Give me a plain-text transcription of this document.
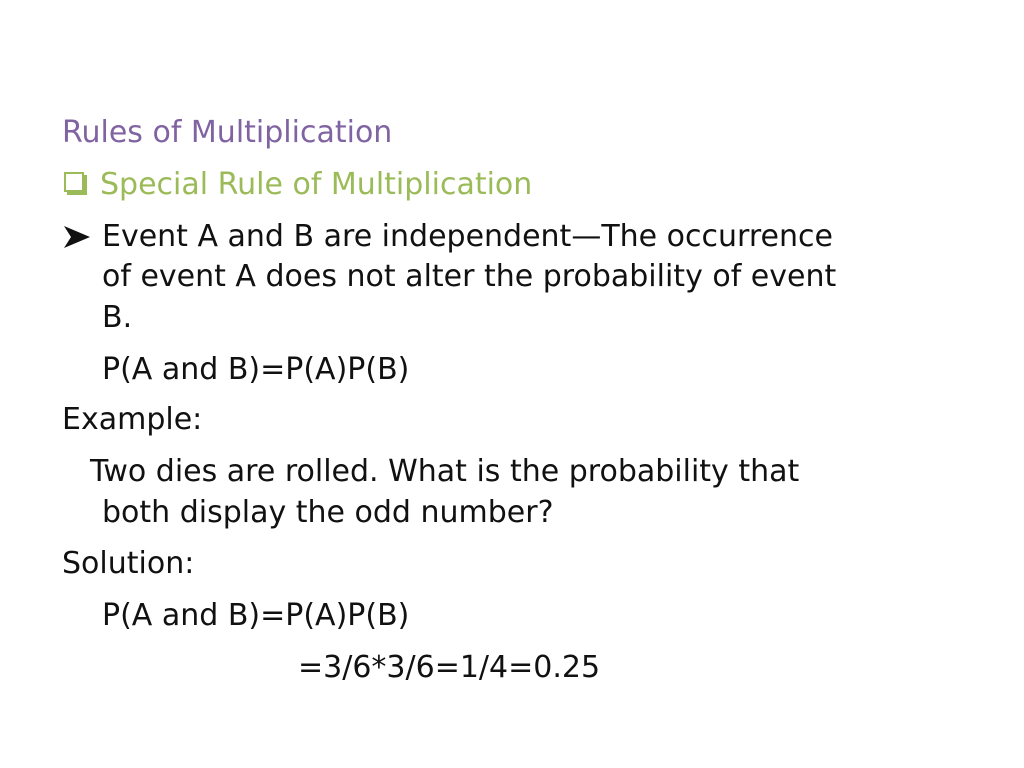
Rules of Multiplication
Special Rule of Multiplication
Event A and B are independent—The occurrence
of event A does not alter the probability of event
B.
P(A and B)=P(A)P(B)
Example:
Two dies are rolled. What is the probability that
both display the odd number?
Solution:
P(A and B)=P(A)P(B)
=3/6*3/6=1/4=0.25
